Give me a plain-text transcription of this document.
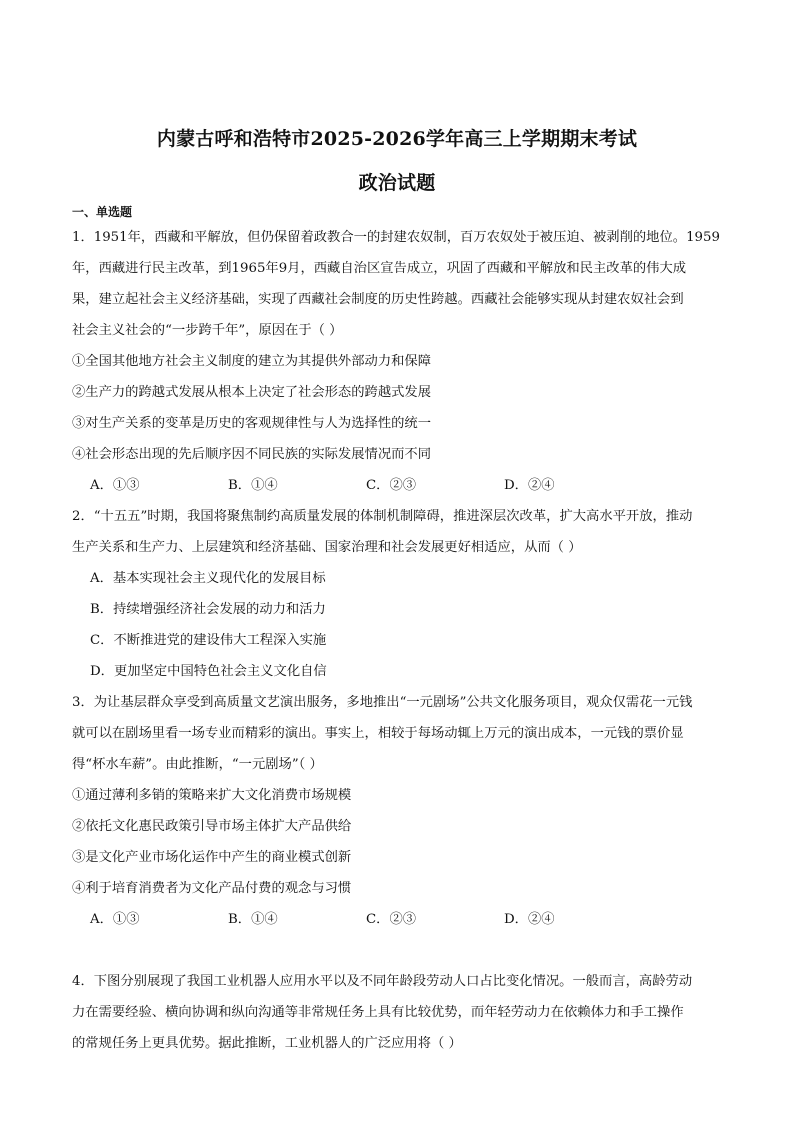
内蒙古呼和浩特市2025-2026学年高三上学期期末考试
政治试题
一、单选题
1．1951年，西藏和平解放，但仍保留着政教合一的封建农奴制，百万农奴处于被压迫、被剥削的地位。1959
年，西藏进行民主改革，到1965年9月，西藏自治区宣告成立，巩固了西藏和平解放和民主改革的伟大成
果，建立起社会主义经济基础，实现了西藏社会制度的历史性跨越。西藏社会能够实现从封建农奴社会到
社会主义社会的“一步跨千年”，原因在于（ ）
①全国其他地方社会主义制度的建立为其提供外部动力和保障
②生产力的跨越式发展从根本上决定了社会形态的跨越式发展
③对生产关系的变革是历史的客观规律性与人为选择性的统一
④社会形态出现的先后顺序因不同民族的实际发展情况而不同
A．①③	B．①④	C．②③	D．②④
2．“十五五”时期，我国将聚焦制约高质量发展的体制机制障碍，推进深层次改革，扩大高水平开放，推动
生产关系和生产力、上层建筑和经济基础、国家治理和社会发展更好相适应，从而（ ）
A．基本实现社会主义现代化的发展目标
B．持续增强经济社会发展的动力和活力
C．不断推进党的建设伟大工程深入实施
D．更加坚定中国特色社会主义文化自信
3．为让基层群众享受到高质量文艺演出服务，多地推出“一元剧场”公共文化服务项目，观众仅需花一元钱
就可以在剧场里看一场专业而精彩的演出。事实上，相较于每场动辄上万元的演出成本，一元钱的票价显
得“杯水车薪”。由此推断，“一元剧场”（ ）
①通过薄利多销的策略来扩大文化消费市场规模
②依托文化惠民政策引导市场主体扩大产品供给
③是文化产业市场化运作中产生的商业模式创新
④利于培育消费者为文化产品付费的观念与习惯
A．①③	B．①④	C．②③	D．②④
4．下图分别展现了我国工业机器人应用水平以及不同年龄段劳动人口占比变化情况。一般而言，高龄劳动
力在需要经验、横向协调和纵向沟通等非常规任务上具有比较优势，而年轻劳动力在依赖体力和手工操作
的常规任务上更具优势。据此推断，工业机器人的广泛应用将（ ）
